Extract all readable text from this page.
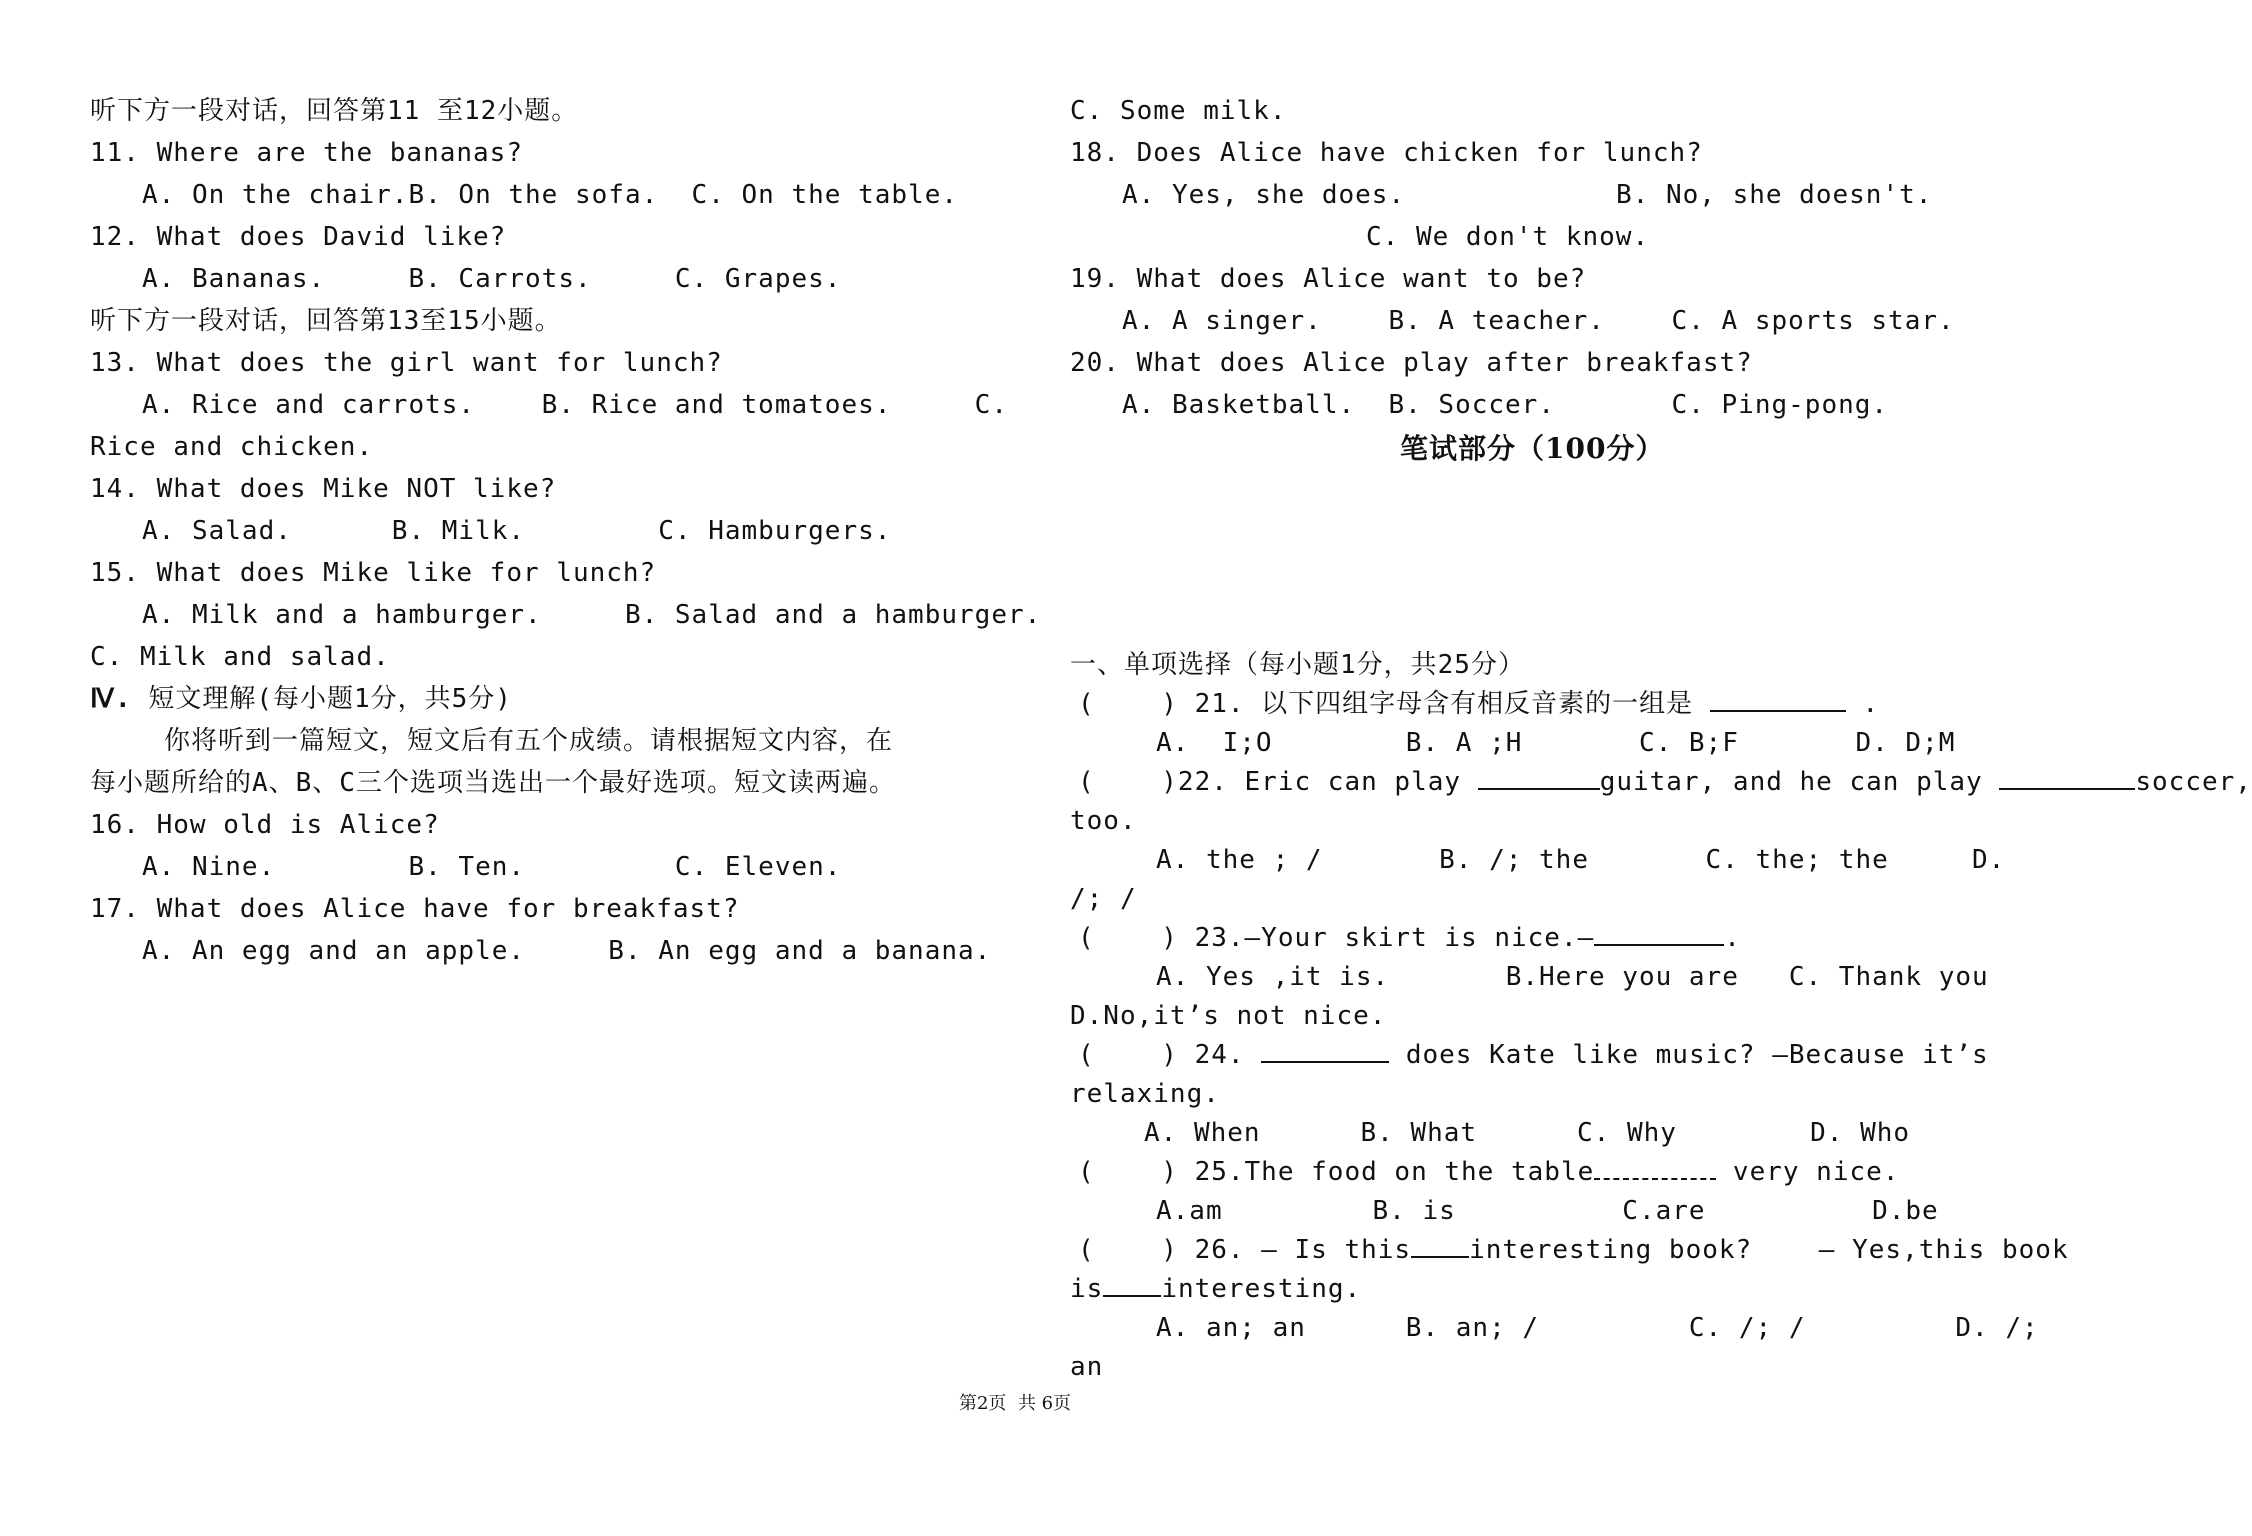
听下方一段对话，回答第11 至12小题。
11. Where are the bananas?
A. On the chair.B. On the sofa.  C. On the table.
12. What does David like?
A. Bananas.     B. Carrots.     C. Grapes.
听下方一段对话，回答第13至15小题。
13. What does the girl want for lunch?
A. Rice and carrots.    B. Rice and tomatoes.     C.
Rice and chicken.
14. What does Mike NOT like?
A. Salad.      B. Milk.        C. Hamburgers.
15. What does Mike like for lunch?
A. Milk and a hamburger.     B. Salad and a hamburger.
C. Milk and salad.
Ⅳ. 短文理解(每小题1分，共5分)
你将听到一篇短文，短文后有五个成绩。请根据短文内容，在
每小题所给的A、B、C三个选项当选出一个最好选项。短文读两遍。
16. How old is Alice?
A. Nine.        B. Ten.         C. Eleven.
17. What does Alice have for breakfast?
A. An egg and an apple.     B. An egg and a banana.
C. Some milk.
18. Does Alice have chicken for lunch?
A. Yes, she does.	B. No, she doesn't.
C. We don't know.
19. What does Alice want to be?
A. A singer.    B. A teacher.    C. A sports star.
20. What does Alice play after breakfast?
A. Basketball.  B. Soccer.       C. Ping-pong.
笔试部分（100分）
一、单项选择（每小题1分，共25分）
(    ) 21. 以下四组字母含有相反音素的一组是	.
A.  I;O        B. A ;H       C. B;F       D. D;M
(    )22. Eric can play	guitar, and he can play	soccer,
too.
A. the ; /       B. /; the       C. the; the     D.
/; /
(    ) 23.—Your skirt is nice.—	.
A. Yes ,it is.       B.Here you are   C. Thank you
D.No,it’s not nice.
(    ) 24.	does Kate like music? —Because it’s
relaxing.
A. When      B. What      C. Why        D. Who
(    ) 25.The food on the table	very nice.
A.am         B. is          C.are          D.be
(    ) 26. — Is this interesting book?    — Yes,this book
is interesting.
A. an; an      B. an; /         C. /; /         D. /;
an
第2页  共 6页
